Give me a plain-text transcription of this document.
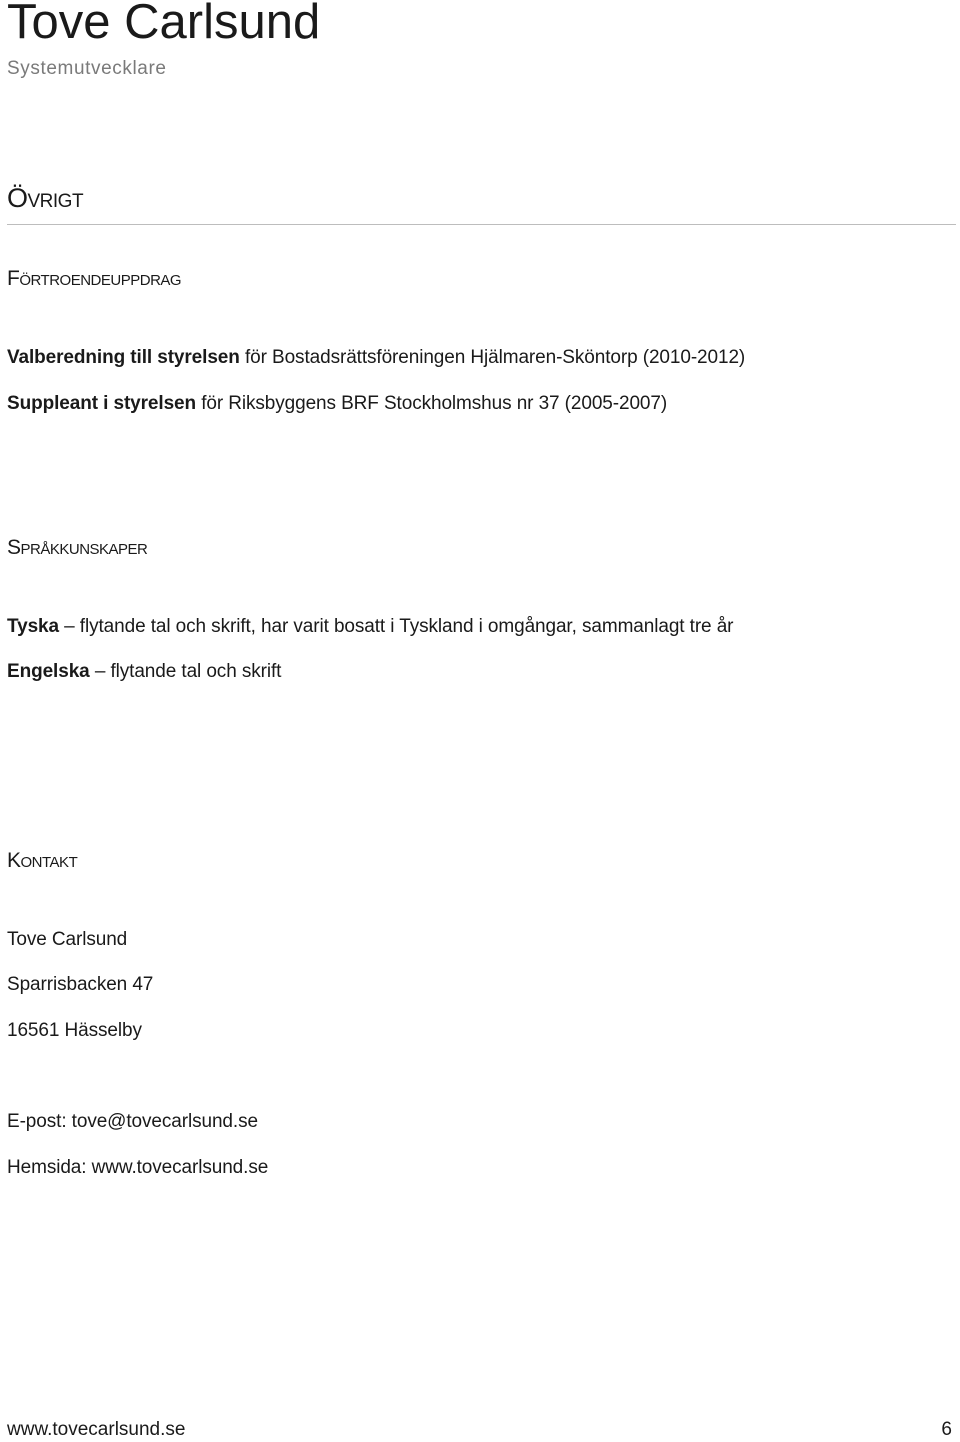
Tove Carlsund
Systemutvecklare
Övrigt
Förtroendeuppdrag
Valberedning till styrelsen för Bostadsrättsföreningen Hjälmaren-Sköntorp (2010-2012)
Suppleant i styrelsen för Riksbyggens BRF Stockholmshus nr 37 (2005-2007)
Språkkunskaper
Tyska – flytande tal och skrift, har varit bosatt i Tyskland i omgångar, sammanlagt tre år
Engelska – flytande tal och skrift
Kontakt
Tove Carlsund
Sparrisbacken 47
16561 Hässelby
E-post: tove@tovecarlsund.se
Hemsida: www.tovecarlsund.se
www.tovecarlsund.se	6
